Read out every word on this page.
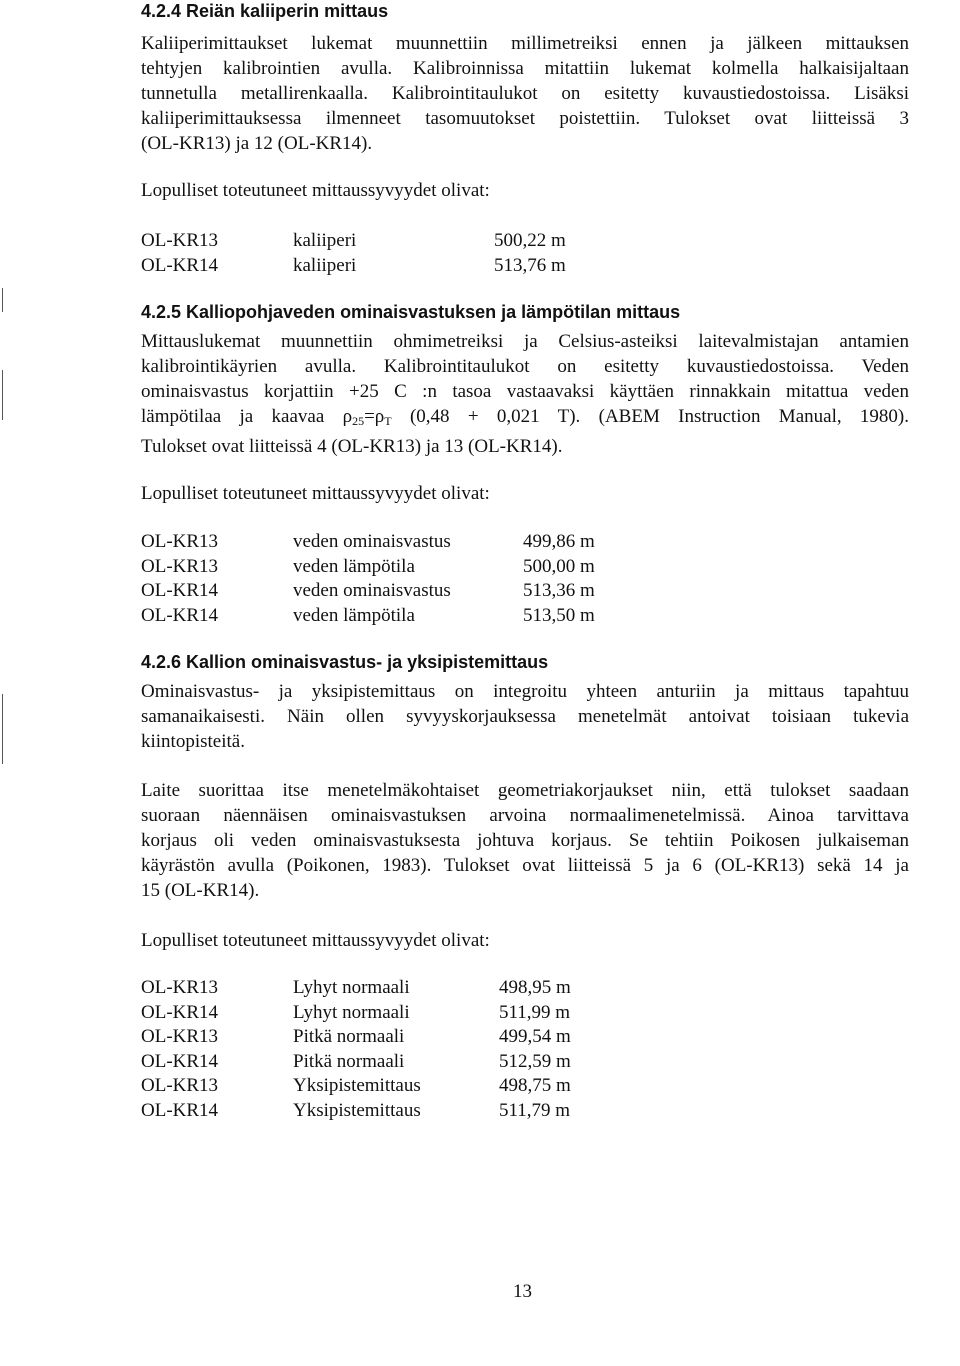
4.2.4 Reiän kaliiperin mittaus
Kaliiperimittaukset lukemat muunnettiin millimetreiksi ennen ja jälkeen mittauksen
tehtyjen kalibrointien avulla. Kalibroinnissa mitattiin lukemat kolmella halkaisijaltaan
tunnetulla metallirenkaalla. Kalibrointitaulukot on esitetty kuvaustiedostoissa. Lisäksi
kaliiperimittauksessa ilmenneet tasomuutokset poistettiin. Tulokset ovat liitteissä 3
(OL-KR13) ja 12 (OL-KR14).
Lopulliset toteutuneet mittaussyvyydet olivat:
OL-KR13	kaliiperi	500,22 m
OL-KR14	kaliiperi	513,76 m
4.2.5 Kalliopohjaveden ominaisvastuksen ja lämpötilan mittaus
Mittauslukemat muunnettiin ohmimetreiksi ja Celsius-asteiksi laitevalmistajan antamien
kalibrointikäyrien avulla. Kalibrointitaulukot on esitetty kuvaustiedostoissa. Veden
ominaisvastus korjattiin +25 C :n tasoa vastaavaksi käyttäen rinnakkain mitattua veden
lämpötilaa ja kaavaa $\rho_{25}=\rho_T$ (0,48 + 0,021 T). (ABEM Instruction Manual, 1980).
Tulokset ovat liitteissä 4 (OL-KR13) ja 13 (OL-KR14).
Lopulliset toteutuneet mittaussyvyydet olivat:
OL-KR13	veden ominaisvastus	499,86 m
OL-KR13	veden lämpötila	500,00 m
OL-KR14	veden ominaisvastus	513,36 m
OL-KR14	veden lämpötila	513,50 m
4.2.6 Kallion ominaisvastus- ja yksipistemittaus
Ominaisvastus- ja yksipistemittaus on integroitu yhteen anturiin ja mittaus tapahtuu
samanaikaisesti. Näin ollen syvyyskorjauksessa menetelmät antoivat toisiaan tukevia
kiintopisteitä.
Laite suorittaa itse menetelmäkohtaiset geometriakorjaukset niin, että tulokset saadaan
suoraan näennäisen ominaisvastuksen arvoina normaalimenetelmissä. Ainoa tarvittava
korjaus oli veden ominaisvastuksesta johtuva korjaus. Se tehtiin Poikosen julkaiseman
käyrästön avulla (Poikonen, 1983). Tulokset ovat liitteissä 5 ja 6 (OL-KR13) sekä 14 ja
15 (OL-KR14).
Lopulliset toteutuneet mittaussyvyydet olivat:
OL-KR13	Lyhyt normaali	498,95 m
OL-KR14	Lyhyt normaali	511,99 m
OL-KR13	Pitkä normaali	499,54 m
OL-KR14	Pitkä normaali	512,59 m
OL-KR13	Yksipistemittaus	498,75 m
OL-KR14	Yksipistemittaus	511,79 m
13
